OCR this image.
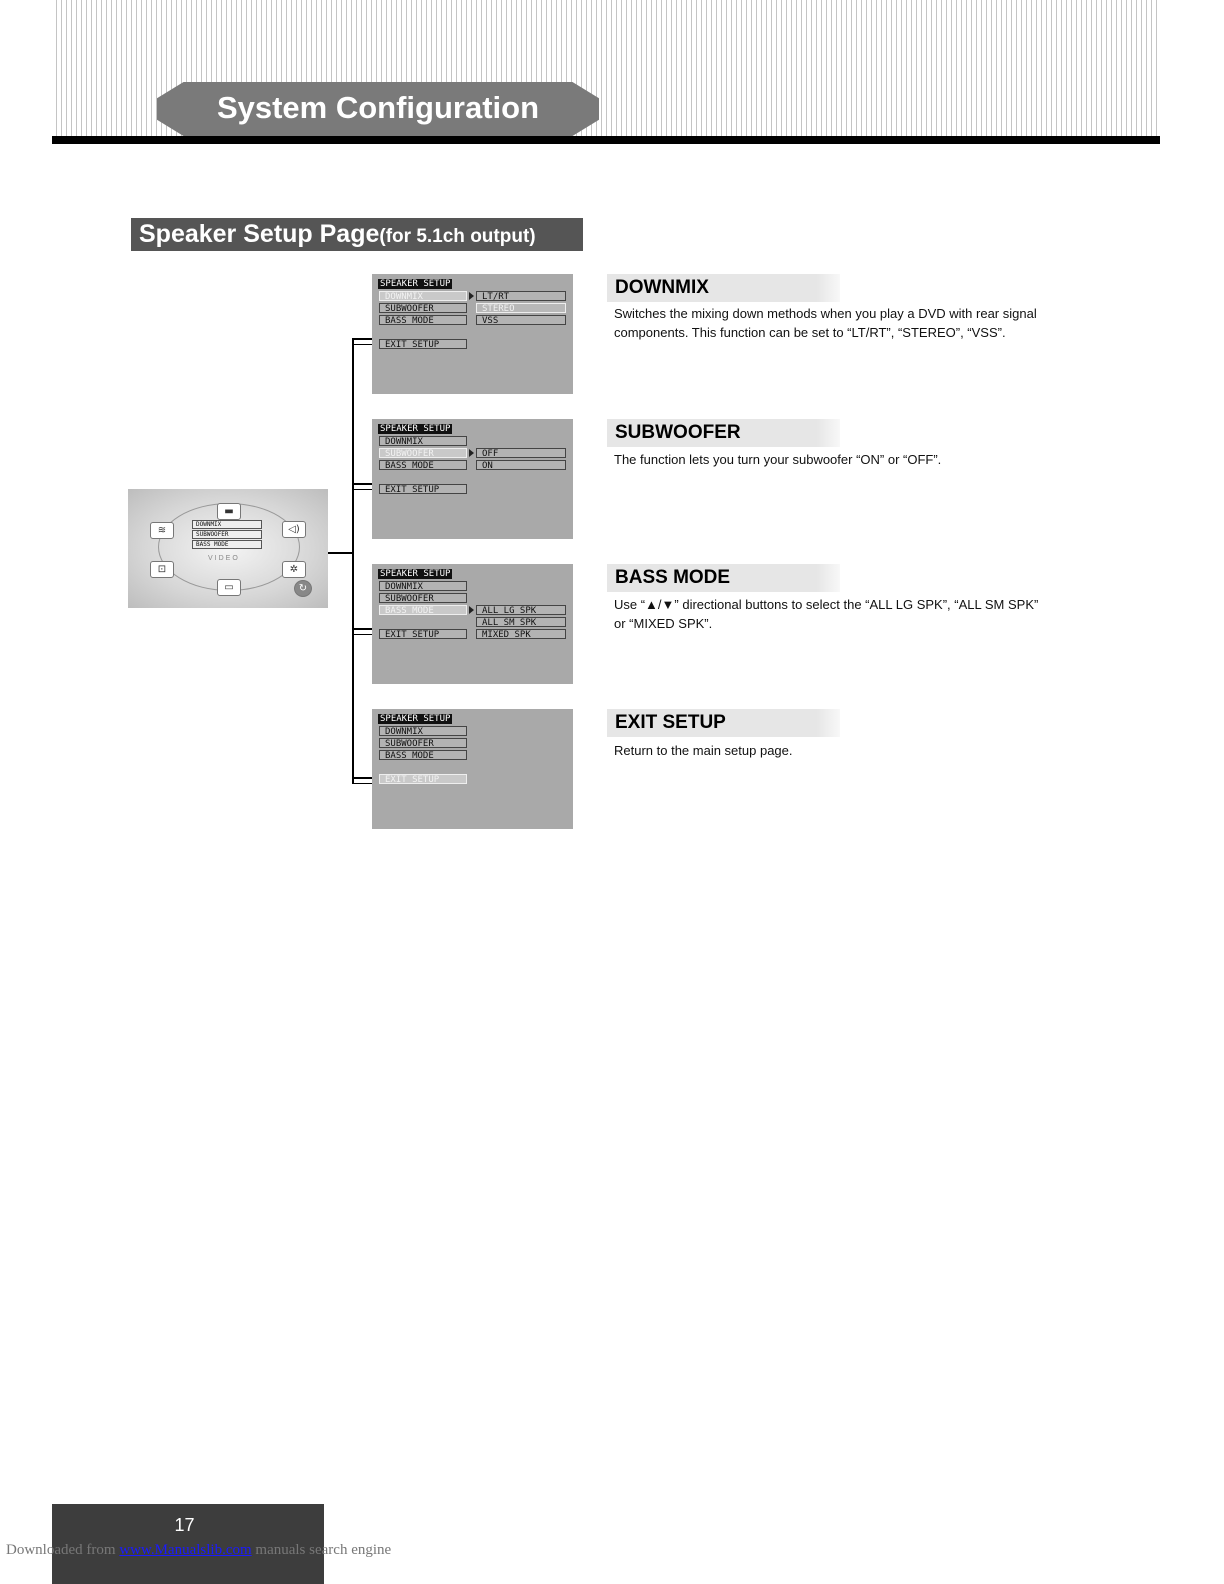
System Configuration
Speaker Setup Page(for 5.1ch output)
▬
≋	◁)
⊡	✲
▭	↻
DOWNMIX
SUBWOOFER
BASS MODE
VIDEO
SPEAKER SETUP
DOWNMIX
SUBWOOFER
BASS MODE
EXIT SETUP
LT/RT
STEREO
VSS
SPEAKER SETUP
DOWNMIX
SUBWOOFER
BASS MODE
EXIT SETUP
OFF
ON
SPEAKER SETUP
DOWNMIX
SUBWOOFER
BASS MODE
EXIT SETUP
ALL LG SPK
ALL SM SPK
MIXED SPK
SPEAKER SETUP
DOWNMIX
SUBWOOFER
BASS MODE
EXIT SETUP
DOWNMIX
Switches the mixing down methods when you play a DVD with rear signal components. This function can be set to “LT/RT”, “STEREO”, “VSS”.
SUBWOOFER
The function lets you turn your subwoofer “ON” or “OFF”.
BASS MODE
Use “▲/▼” directional buttons to select the “ALL LG SPK”, “ALL SM SPK” or “MIXED SPK”.
EXIT SETUP
Return to the main setup page.
17
Downloaded from www.Manualslib.com manuals search engine
